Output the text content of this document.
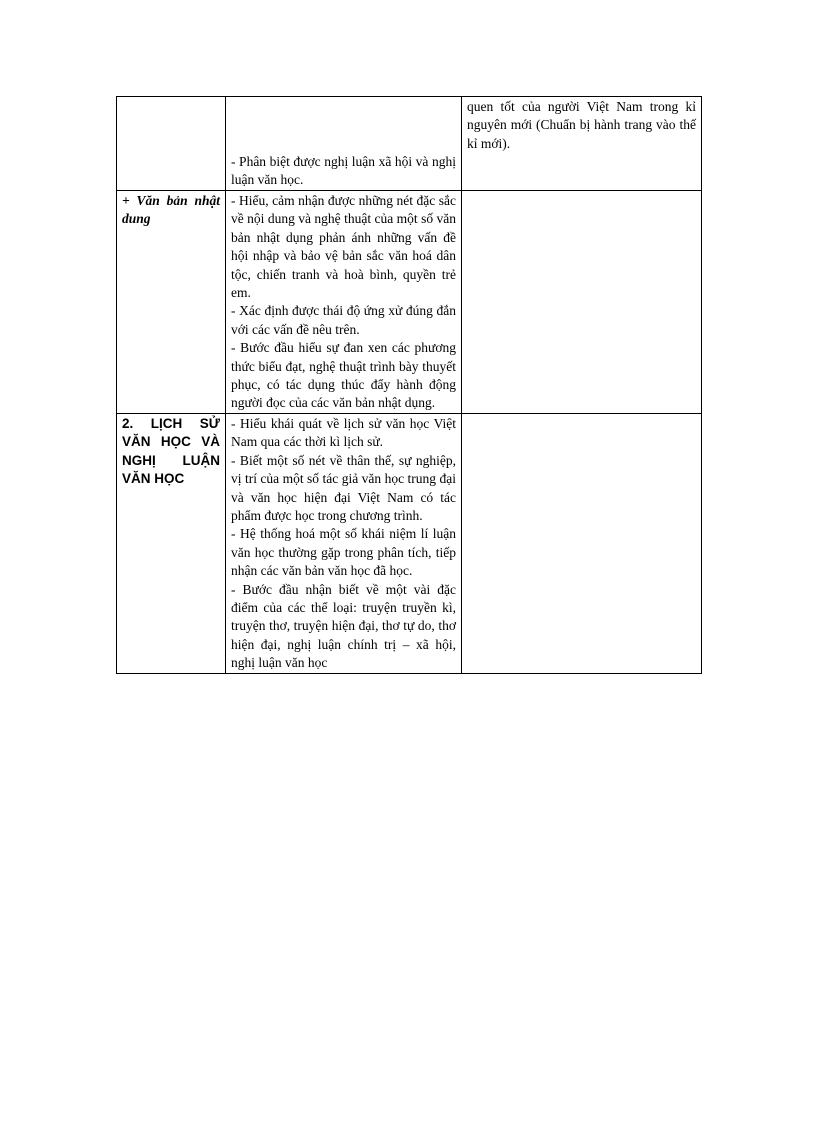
	- Phân biệt được nghị luận xã hội và nghị luận văn học.	quen tốt của người Việt Nam trong kỉ nguyên mới (Chuẩn bị hành trang vào thế kỉ mới).
+ Văn bản nhật dung	- Hiểu, cảm nhận được những nét đặc sắc về nội dung và nghệ thuật của một số văn bản nhật dụng phản ánh những vấn đề hội nhập và bảo vệ bản sắc văn hoá dân tộc, chiến tranh và hoà bình, quyền trẻ em.
- Xác định được thái độ ứng xử đúng đắn với các vấn đề nêu trên.
- Bước đầu hiểu sự đan xen các phương thức biểu đạt, nghệ thuật trình bày thuyết phục, có tác dụng thúc đẩy hành động người đọc của các văn bản nhật dụng.	

2. LỊCH SỬ VĂN HỌC VÀ NGHỊ LUẬN VĂN HỌC	- Hiểu khái quát về lịch sử văn học Việt Nam qua các thời kì lịch sử.
- Biết một số nét về thân thế, sự nghiệp, vị trí của một số tác giả văn học trung đại và văn học hiện đại Việt Nam có tác phẩm được học trong chương trình.
- Hệ thống hoá một số khái niệm lí luận văn học thường gặp trong phân tích, tiếp nhận các văn bản văn học đã học.
- Bước đầu nhận biết về một vài đặc điểm của các thể loại: truyện truyền kì, truyện thơ, truyện hiện đại, thơ tự do, thơ hiện đại, nghị luận chính trị – xã hội, nghị luận văn học	
